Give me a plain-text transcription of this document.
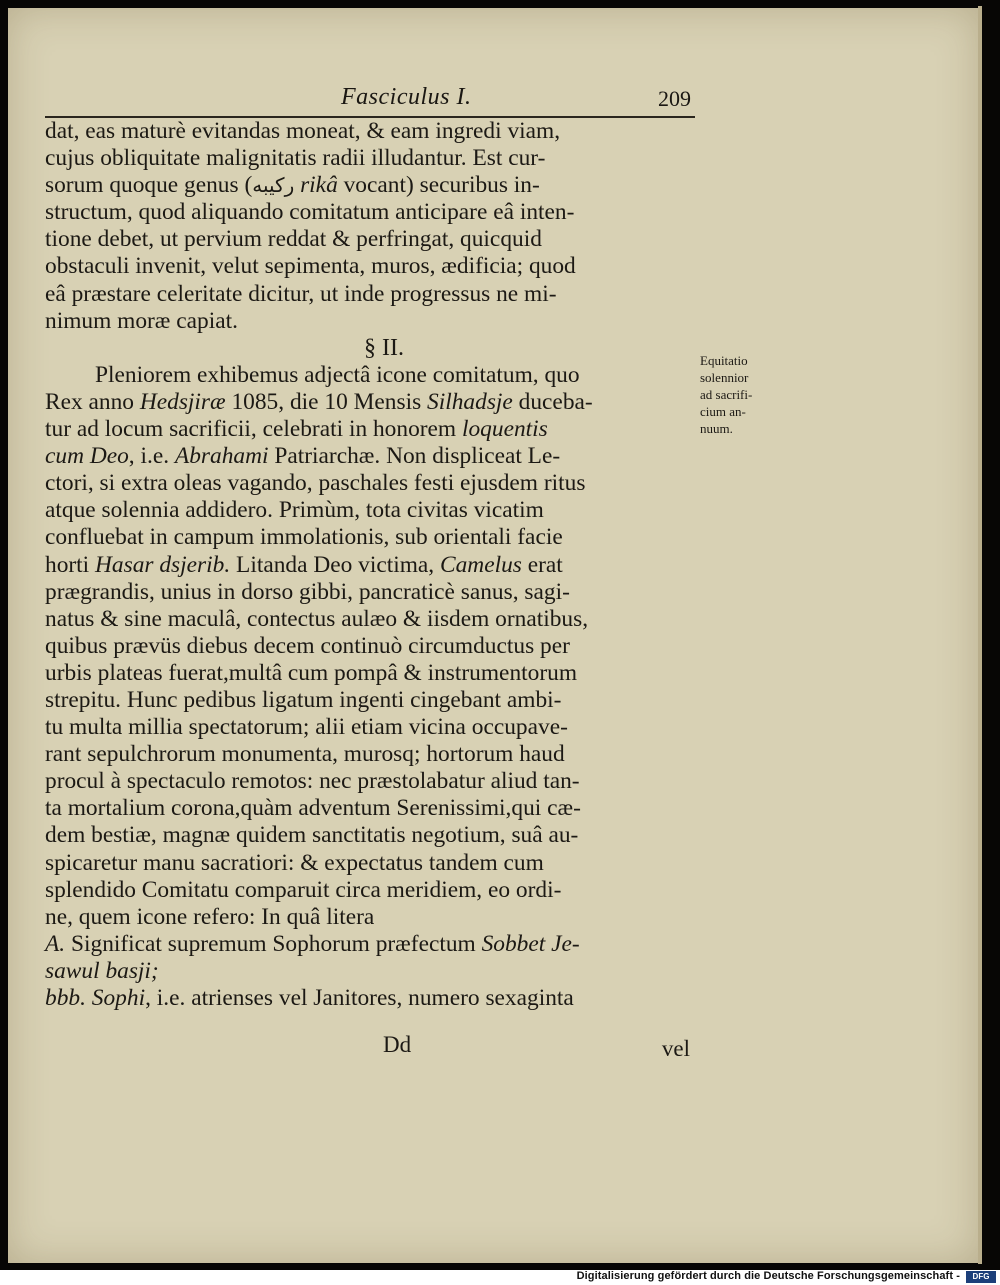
Fasciculus I.	209
dat, eas maturè evitandas moneat, & eam ingredi viam,
cujus obliquitate malignitatis radii illudantur. Est cur-
sorum quoque genus (ركيبه rikâ vocant) securibus in-
structum, quod aliquando comitatum anticipare eâ inten-
tione debet, ut pervium reddat & perfringat, quicquid
obstaculi invenit, velut sepimenta, muros, ædificia; quod
eâ præstare celeritate dicitur, ut inde progressus ne mi-
nimum moræ capiat.
§ II.
Pleniorem exhibemus adjectâ icone comitatum, quo
Rex anno Hedsjiræ 1085, die 10 Mensis Silhadsje duceba-
tur ad locum sacrificii, celebrati in honorem loquentis
cum Deo, i.e. Abrahami Patriarchæ. Non displiceat Le-
ctori, si extra oleas vagando, paschales festi ejusdem ritus
atque solennia addidero. Primùm, tota civitas vicatim
confluebat in campum immolationis, sub orientali facie
horti Hasar dsjerib. Litanda Deo victima, Camelus erat
prægrandis, unius in dorso gibbi, pancraticè sanus, sagi-
natus & sine maculâ, contectus aulæo & iisdem ornatibus,
quibus prævüs diebus decem continuò circumductus per
urbis plateas fuerat,multâ cum pompâ & instrumentorum
strepitu. Hunc pedibus ligatum ingenti cingebant ambi-
tu multa millia spectatorum; alii etiam vicina occupave-
rant sepulchrorum monumenta, murosq; hortorum haud
procul à spectaculo remotos: nec præstolabatur aliud tan-
ta mortalium corona,quàm adventum Serenissimi,qui cæ-
dem bestiæ, magnæ quidem sanctitatis negotium, suâ au-
spicaretur manu sacratiori: & expectatus tandem cum
splendido Comitatu comparuit circa meridiem, eo ordi-
ne, quem icone refero: In quâ litera
A. Significat supremum Sophorum præfectum Sobbet Je-
sawul basji;
bbb. Sophi, i.e. atrienses vel Janitores, numero sexaginta
Dd	vel
Equitatio
solennior
ad sacrifi-
cium an-
nuum.
Digitalisierung gefördert durch die Deutsche Forschungsgemeinschaft -	DFG
